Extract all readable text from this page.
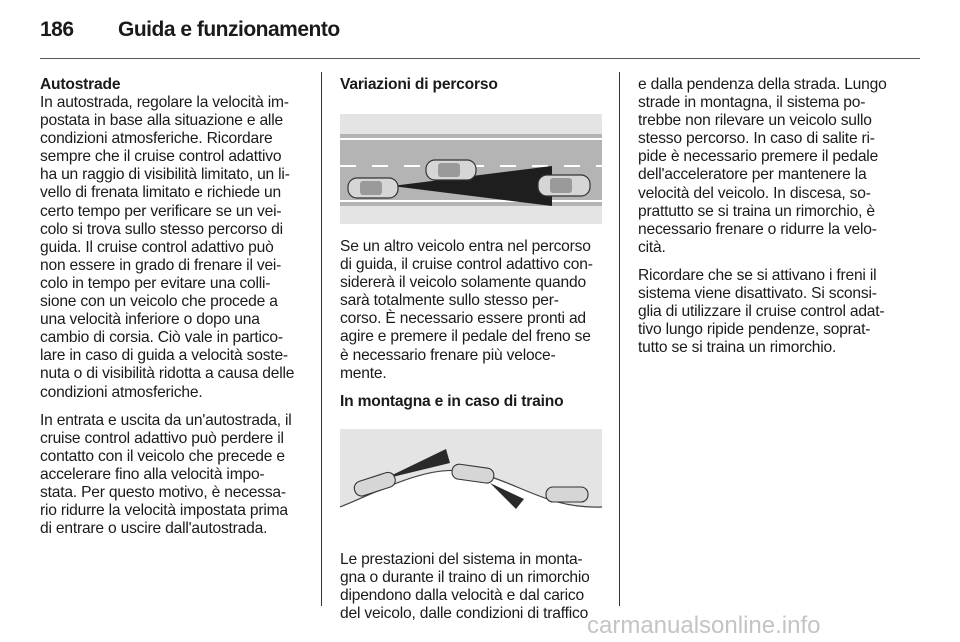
186 Guida e funzionamento
Autostrade

In autostrada, regolare la velocità im-
postata in base alla situazione e alle
condizioni atmosferiche. Ricordare
sempre che il cruise control adattivo
ha un raggio di visibilità limitato, un li-
vello di frenata limitato e richiede un
certo tempo per verificare se un vei-
colo si trova sullo stesso percorso di
guida. Il cruise control adattivo può
non essere in grado di frenare il vei-
colo in tempo per evitare una colli-
sione con un veicolo che procede a
una velocità inferiore o dopo una
cambio di corsia. Ciò vale in partico-
lare in caso di guida a velocità soste-
nuta o di visibilità ridotta a causa delle
condizioni atmosferiche.

In entrata e uscita da un'autostrada, il
cruise control adattivo può perdere il
contatto con il veicolo che precede e
accelerare fino alla velocità impo-
stata. Per questo motivo, è necessa-
rio ridurre la velocità impostata prima
di entrare o uscire dall'autostrada.

Variazioni di percorso

Se un altro veicolo entra nel percorso
di guida, il cruise control adattivo con-
sidererà il veicolo solamente quando
sarà totalmente sullo stesso per-
corso. È necessario essere pronti ad
agire e premere il pedale del freno se
è necessario frenare più veloce-
mente.

In montagna e in caso di traino

Le prestazioni del sistema in monta-
gna o durante il traino di un rimorchio
dipendono dalla velocità e dal carico
del veicolo, dalle condizioni di traffico

e dalla pendenza della strada. Lungo
strade in montagna, il sistema po-
trebbe non rilevare un veicolo sullo
stesso percorso. In caso di salite ri-
pide è necessario premere il pedale
dell'acceleratore per mantenere la
velocità del veicolo. In discesa, so-
prattutto se si traina un rimorchio, è
necessario frenare o ridurre la velo-
cità.

Ricordare che se si attivano i freni il
sistema viene disattivato. Si sconsi-
glia di utilizzare il cruise control adat-
tivo lungo ripide pendenze, soprat-
tutto se si traina un rimorchio.

carmanualsonline.info
